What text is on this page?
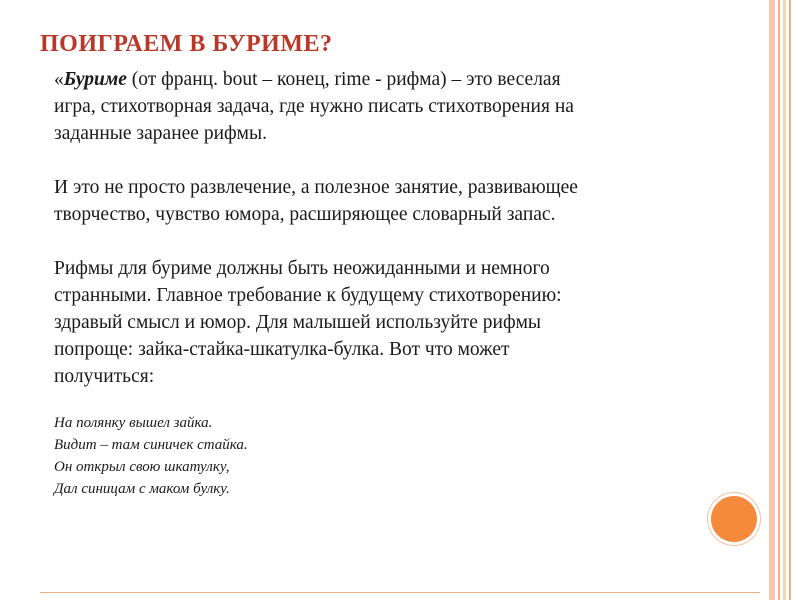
ПОИГРАЕМ В БУРИМЕ?

«Буриме (от франц. bout – конец, rime - рифма) – это веселая
игра, стихотворная задача, где нужно писать стихотворения на
заданные заранее рифмы.

И это не просто развлечение, а полезное занятие, развивающее
творчество, чувство юмора, расширяющее словарный запас.

Рифмы для буриме должны быть неожиданными и немного
странными. Главное требование к будущему стихотворению:
здравый смысл и юмор. Для малышей используйте рифмы
попроще: зайка-стайка-шкатулка-булка. Вот что может
получиться:

На полянку вышел зайка.
Видит – там синичек стайка.
Он открыл свою шкатулку,
Дал синицам с маком булку.
